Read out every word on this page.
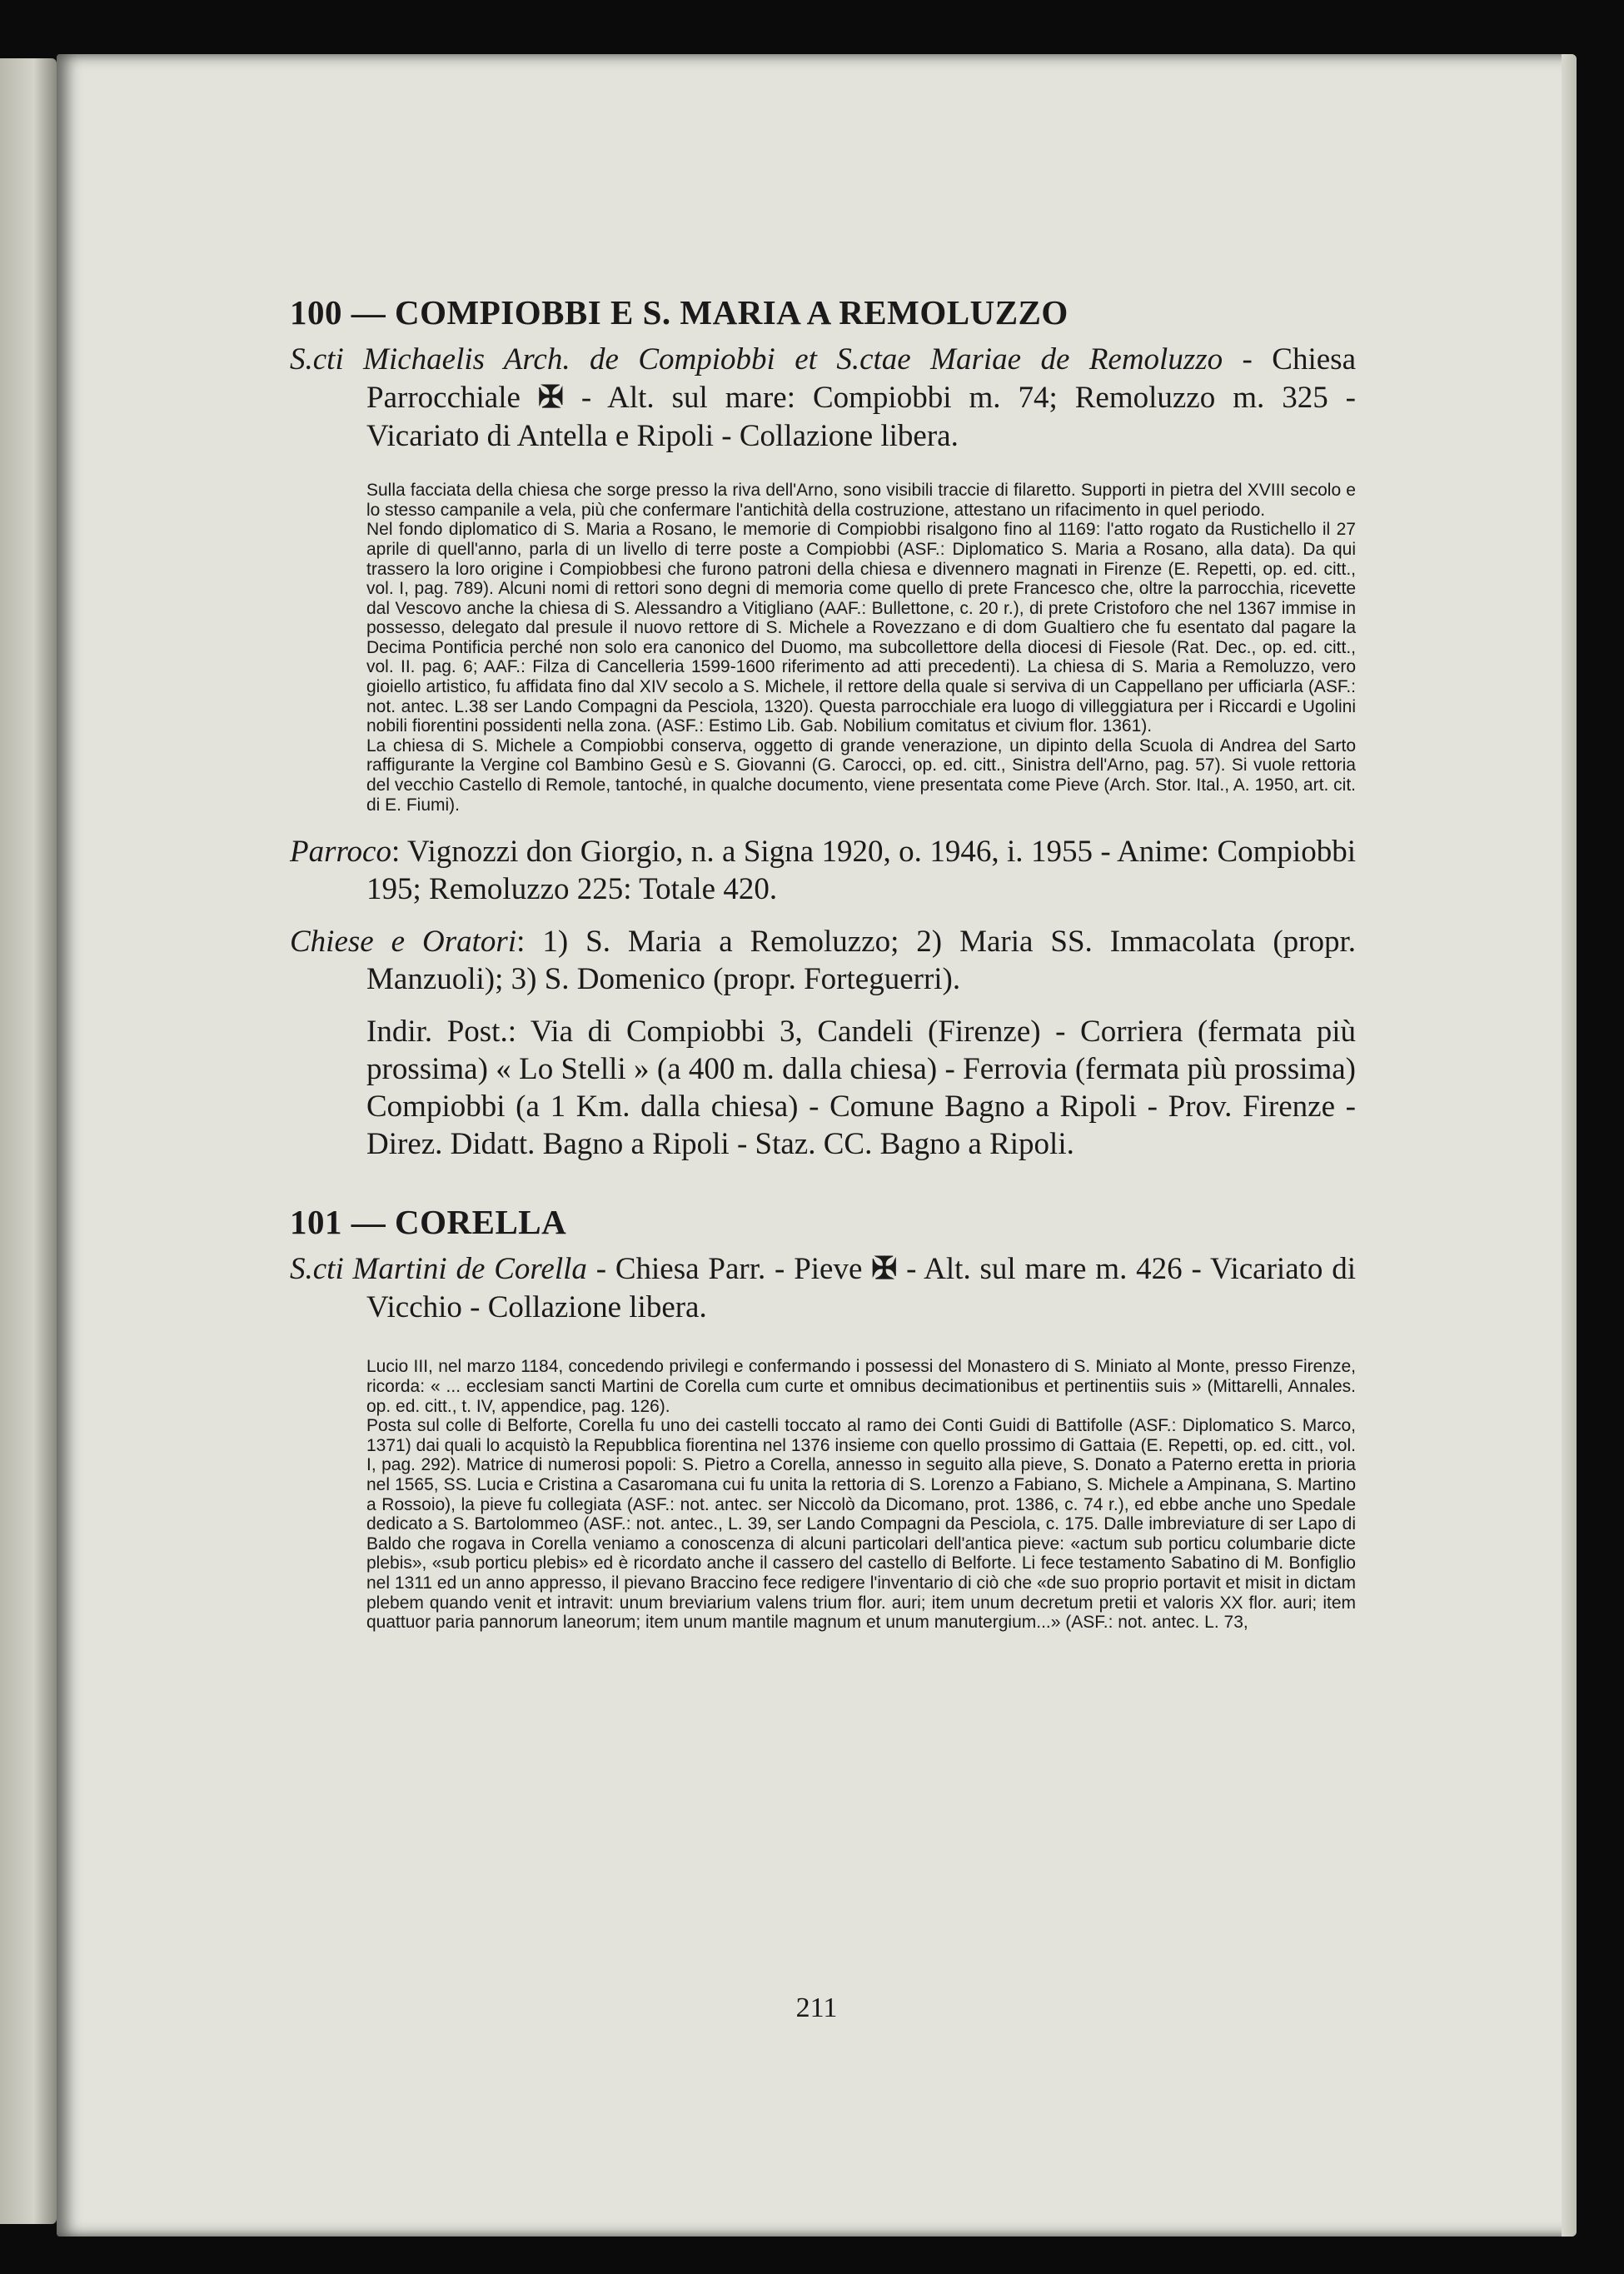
100 — COMPIOBBI E S. MARIA A REMOLUZZO

S.cti Michaelis Arch. de Compiobbi et S.ctae Mariae de Remoluzzo - Chiesa Parrocchiale ✠ - Alt. sul mare: Compiobbi m. 74; Remoluzzo m. 325 - Vicariato di Antella e Ripoli - Collazione libera.

Sulla facciata della chiesa che sorge presso la riva dell'Arno, sono visibili traccie di filaretto. Supporti in pietra del XVIII secolo e lo stesso campanile a vela, più che confermare l'antichità della costruzione, attestano un rifacimento in quel periodo.

Nel fondo diplomatico di S. Maria a Rosano, le memorie di Compiobbi risalgono fino al 1169: l'atto rogato da Rustichello il 27 aprile di quell'anno, parla di un livello di terre poste a Compiobbi (ASF.: Diplomatico S. Maria a Rosano, alla data). Da qui trassero la loro origine i Compiobbesi che furono patroni della chiesa e divennero magnati in Firenze (E. Repetti, op. ed. citt., vol. I, pag. 789). Alcuni nomi di rettori sono degni di memoria come quello di prete Francesco che, oltre la parrocchia, ricevette dal Vescovo anche la chiesa di S. Alessandro a Vitigliano (AAF.: Bullettone, c. 20 r.), di prete Cristoforo che nel 1367 immise in possesso, delegato dal presule il nuovo rettore di S. Michele a Rovezzano e di dom Gualtiero che fu esentato dal pagare la Decima Pontificia perché non solo era canonico del Duomo, ma subcollettore della diocesi di Fiesole (Rat. Dec., op. ed. citt., vol. II. pag. 6; AAF.: Filza di Cancelleria 1599-1600 riferimento ad atti precedenti). La chiesa di S. Maria a Remoluzzo, vero gioiello artistico, fu affidata fino dal XIV secolo a S. Michele, il rettore della quale si serviva di un Cappellano per ufficiarla (ASF.: not. antec. L.38 ser Lando Compagni da Pesciola, 1320). Questa parrocchiale era luogo di villeggiatura per i Riccardi e Ugolini nobili fiorentini possidenti nella zona. (ASF.: Estimo Lib. Gab. Nobilium comitatus et civium flor. 1361).

La chiesa di S. Michele a Compiobbi conserva, oggetto di grande venerazione, un dipinto della Scuola di Andrea del Sarto raffigurante la Vergine col Bambino Gesù e S. Giovanni (G. Carocci, op. ed. citt., Sinistra dell'Arno, pag. 57). Si vuole rettoria del vecchio Castello di Remole, tantoché, in qualche documento, viene presentata come Pieve (Arch. Stor. Ital., A. 1950, art. cit. di E. Fiumi).

Parroco: Vignozzi don Giorgio, n. a Signa 1920, o. 1946, i. 1955 - Anime: Compiobbi 195; Remoluzzo 225: Totale 420.

Chiese e Oratori: 1) S. Maria a Remoluzzo; 2) Maria SS. Immacolata (propr. Manzuoli); 3) S. Domenico (propr. Forteguerri).

Indir. Post.: Via di Compiobbi 3, Candeli (Firenze) - Corriera (fermata più prossima) « Lo Stelli » (a 400 m. dalla chiesa) - Ferrovia (fermata più prossima) Compiobbi (a 1 Km. dalla chiesa) - Comune Bagno a Ripoli - Prov. Firenze - Direz. Didatt. Bagno a Ripoli - Staz. CC. Bagno a Ripoli.

101 — CORELLA

S.cti Martini de Corella - Chiesa Parr. - Pieve ✠ - Alt. sul mare m. 426 - Vicariato di Vicchio - Collazione libera.

Lucio III, nel marzo 1184, concedendo privilegi e confermando i possessi del Monastero di S. Miniato al Monte, presso Firenze, ricorda: « ... ecclesiam sancti Martini de Corella cum curte et omnibus decimationibus et pertinentiis suis » (Mittarelli, Annales. op. ed. citt., t. IV, appendice, pag. 126).

Posta sul colle di Belforte, Corella fu uno dei castelli toccato al ramo dei Conti Guidi di Battifolle (ASF.: Diplomatico S. Marco, 1371) dai quali lo acquistò la Repubblica fiorentina nel 1376 insieme con quello prossimo di Gattaia (E. Repetti, op. ed. citt., vol. I, pag. 292). Matrice di numerosi popoli: S. Pietro a Corella, annesso in seguito alla pieve, S. Donato a Paterno eretta in prioria nel 1565, SS. Lucia e Cristina a Casaromana cui fu unita la rettoria di S. Lorenzo a Fabiano, S. Michele a Ampinana, S. Martino a Rossoio), la pieve fu collegiata (ASF.: not. antec. ser Niccolò da Dicomano, prot. 1386, c. 74 r.), ed ebbe anche uno Spedale dedicato a S. Bartolommeo (ASF.: not. antec., L. 39, ser Lando Compagni da Pesciola, c. 175. Dalle imbreviature di ser Lapo di Baldo che rogava in Corella veniamo a conoscenza di alcuni particolari dell'antica pieve: «actum sub porticu columbarie dicte plebis», «sub porticu plebis» ed è ricordato anche il cassero del castello di Belforte. Li fece testamento Sabatino di M. Bonfiglio nel 1311 ed un anno appresso, il pievano Braccino fece redigere l'inventario di ciò che «de suo proprio portavit et misit in dictam plebem quando venit et intravit: unum breviarium valens trium flor. auri; item unum decretum pretii et valoris XX flor. auri; item quattuor paria pannorum laneorum; item unum mantile magnum et unum manutergium...» (ASF.: not. antec. L. 73,

211
